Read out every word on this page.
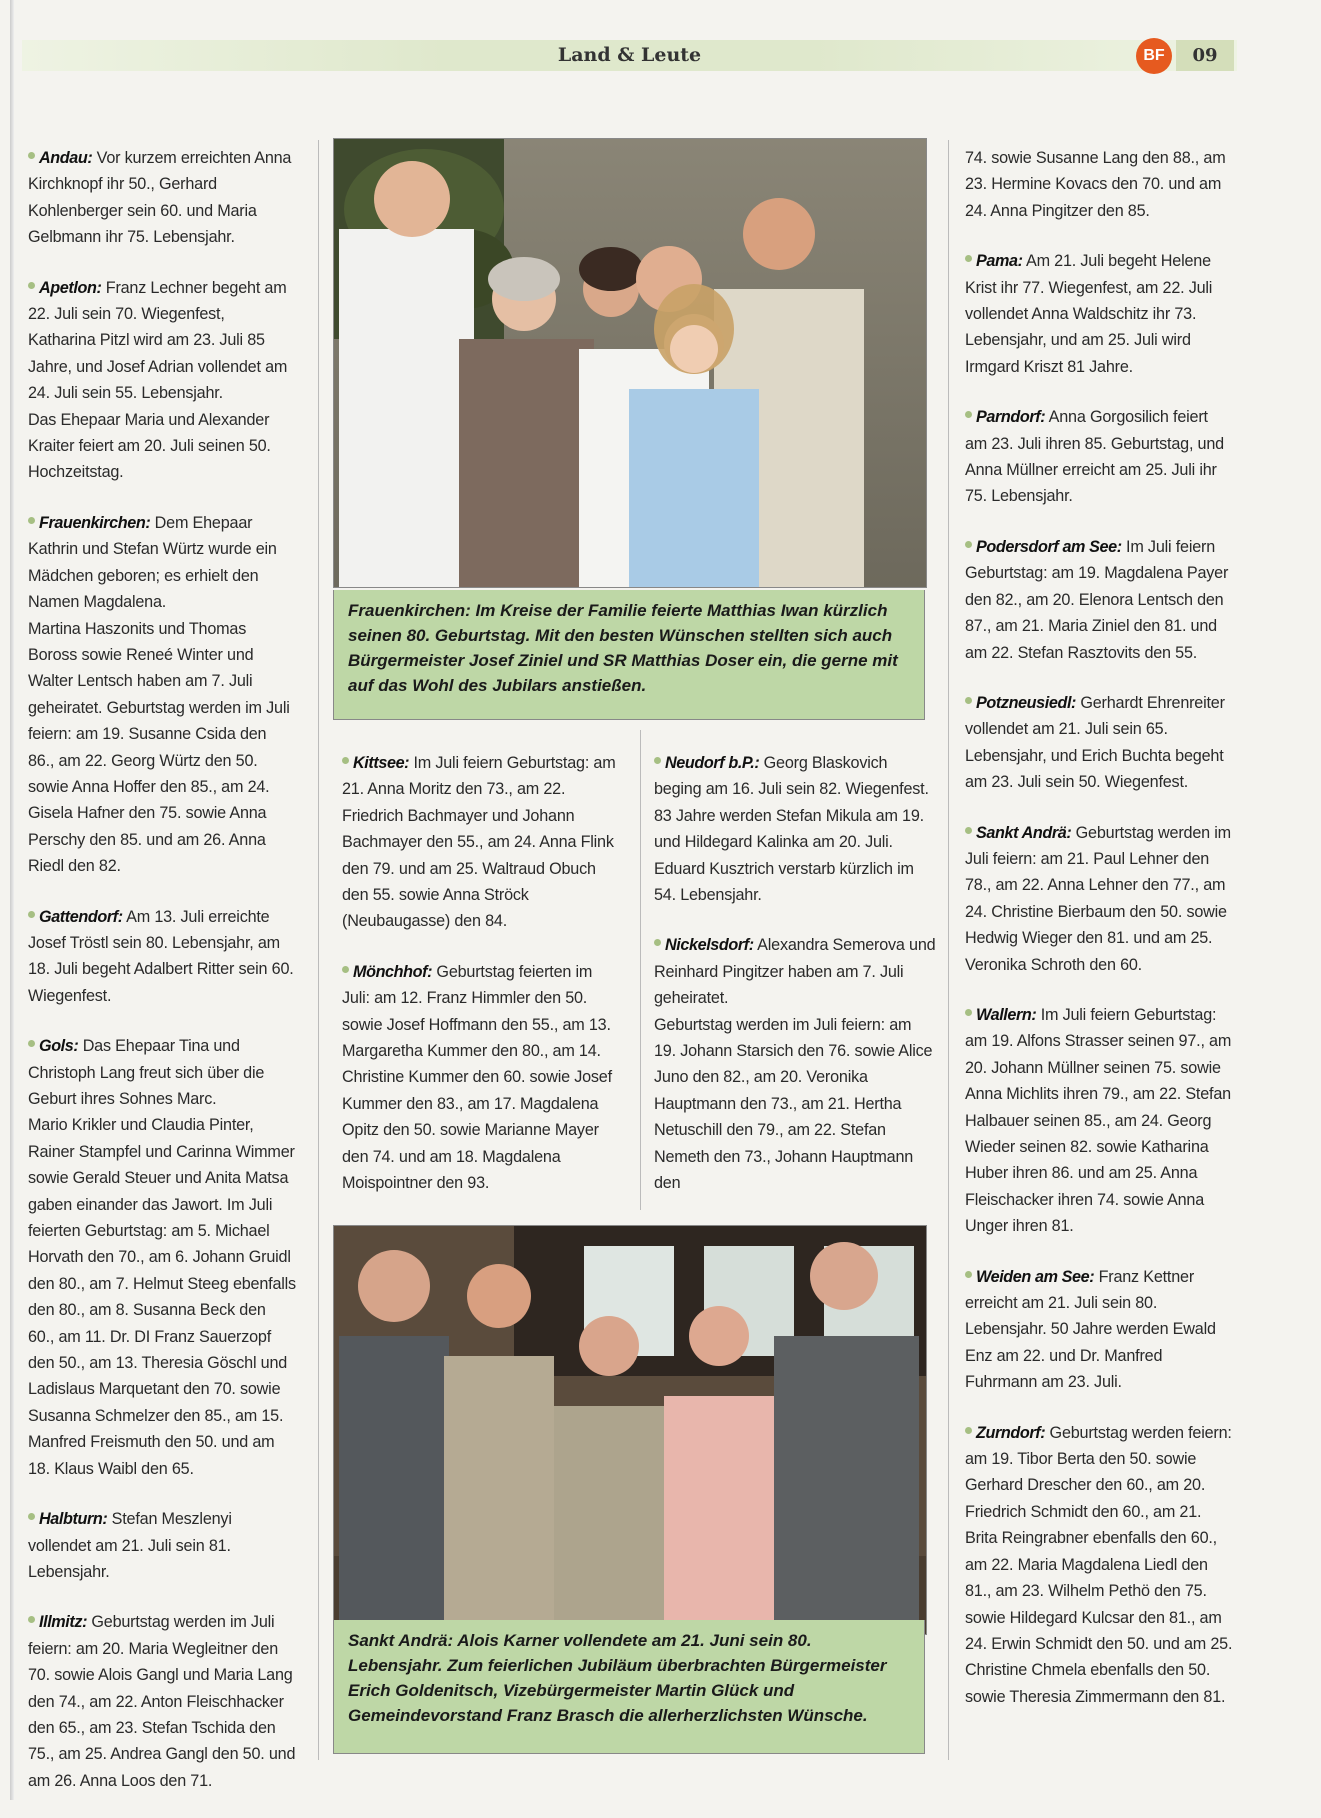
Land & Leute	BF	09

Andau: Vor kurzem erreichten Anna Kirchknopf ihr 50., Gerhard Kohlenberger sein 60. und Maria Gelbmann ihr 75. Lebensjahr.

Apetlon: Franz Lechner begeht am 22. Juli sein 70. Wiegenfest, Katharina Pitzl wird am 23. Juli 85 Jahre, und Josef Adrian vollendet am 24. Juli sein 55. Lebensjahr.

Das Ehepaar Maria und Alexander Kraiter feiert am 20. Juli seinen 50. Hochzeitstag.

Frauenkirchen: Dem Ehepaar Kathrin und Stefan Würtz wurde ein Mädchen geboren; es erhielt den Namen Magdalena.

Martina Haszonits und Thomas Boross sowie Reneé Winter und Walter Lentsch haben am 7. Juli geheiratet. Geburtstag werden im Juli feiern: am 19. Susanne Csida den 86., am 22. Georg Würtz den 50. sowie Anna Hoffer den 85., am 24. Gisela Hafner den 75. sowie Anna Perschy den 85. und am 26. Anna Riedl den 82.

Gattendorf: Am 13. Juli erreichte Josef Tröstl sein 80. Lebensjahr, am 18. Juli begeht Adalbert Ritter sein 60. Wiegenfest.

Gols: Das Ehepaar Tina und Christoph Lang freut sich über die Geburt ihres Sohnes Marc.

Mario Krikler und Claudia Pinter, Rainer Stampfel und Carinna Wimmer sowie Gerald Steuer und Anita Matsa gaben einander das Jawort. Im Juli feierten Geburtstag: am 5. Michael Horvath den 70., am 6. Johann Gruidl den 80., am 7. Helmut Steeg ebenfalls den 80., am 8. Susanna Beck den 60., am 11. Dr. DI Franz Sauerzopf den 50., am 13. Theresia Göschl und Ladislaus Marquetant den 70. sowie Susanna Schmelzer den 85., am 15. Manfred Freismuth den 50. und am 18. Klaus Waibl den 65.

Halbturn: Stefan Meszlenyi vollendet am 21. Juli sein 81. Lebensjahr.

Illmitz: Geburtstag werden im Juli feiern: am 20. Maria Wegleitner den 70. sowie Alois Gangl und Maria Lang den 74., am 22. Anton Fleischhacker den 65., am 23. Stefan Tschida den 75., am 25. Andrea Gangl den 50. und am 26. Anna Loos den 71.

Kittsee: Im Juli feiern Geburtstag: am 21. Anna Moritz den 73., am 22. Friedrich Bachmayer und Johann Bachmayer den 55., am 24. Anna Flink den 79. und am 25. Waltraud Obuch den 55. sowie Anna Ströck (Neubaugasse) den 84.

Mönchhof: Geburtstag feierten im Juli: am 12. Franz Himmler den 50. sowie Josef Hoffmann den 55., am 13. Margaretha Kummer den 80., am 14. Christine Kummer den 60. sowie Josef Kummer den 83., am 17. Magdalena Opitz den 50. sowie Marianne Mayer den 74. und am 18. Magdalena Moispointner den 93.

Neudorf b.P.: Georg Blaskovich beging am 16. Juli sein 82. Wiegenfest.

83 Jahre werden Stefan Mikula am 19. und Hildegard Kalinka am 20. Juli. Eduard Kusztrich verstarb kürzlich im 54. Lebensjahr.

Nickelsdorf: Alexandra Semerova und Reinhard Pingitzer haben am 7. Juli geheiratet.

Geburtstag werden im Juli feiern: am 19. Johann Starsich den 76. sowie Alice Juno den 82., am 20. Veronika Hauptmann den 73., am 21. Hertha Netuschill den 79., am 22. Stefan Nemeth den 73., Johann Hauptmann den

74. sowie Susanne Lang den 88., am 23. Hermine Kovacs den 70. und am 24. Anna Pingitzer den 85.

Pama: Am 21. Juli begeht Helene Krist ihr 77. Wiegenfest, am 22. Juli vollendet Anna Waldschitz ihr 73. Lebensjahr, und am 25. Juli wird Irmgard Kriszt 81 Jahre.

Parndorf: Anna Gorgosilich feiert am 23. Juli ihren 85. Geburtstag, und Anna Müllner erreicht am 25. Juli ihr 75. Lebensjahr.

Podersdorf am See: Im Juli feiern Geburtstag: am 19. Magdalena Payer den 82., am 20. Elenora Lentsch den 87., am 21. Maria Ziniel den 81. und am 22. Stefan Rasztovits den 55.

Potzneusiedl: Gerhardt Ehrenreiter vollendet am 21. Juli sein 65. Lebensjahr, und Erich Buchta begeht am 23. Juli sein 50. Wiegenfest.

Sankt Andrä: Geburtstag werden im Juli feiern: am 21. Paul Lehner den 78., am 22. Anna Lehner den 77., am 24. Christine Bierbaum den 50. sowie Hedwig Wieger den 81. und am 25. Veronika Schroth den 60.

Wallern: Im Juli feiern Geburtstag: am 19. Alfons Strasser seinen 97., am 20. Johann Müllner seinen 75. sowie Anna Michlits ihren 79., am 22. Stefan Halbauer seinen 85., am 24. Georg Wieder seinen 82. sowie Katharina Huber ihren 86. und am 25. Anna Fleischacker ihren 74. sowie Anna Unger ihren 81.

Weiden am See: Franz Kettner erreicht am 21. Juli sein 80. Lebensjahr. 50 Jahre werden Ewald Enz am 22. und Dr. Manfred Fuhrmann am 23. Juli.

Zurndorf: Geburtstag werden feiern: am 19. Tibor Berta den 50. sowie Gerhard Drescher den 60., am 20. Friedrich Schmidt den 60., am 21. Brita Reingrabner ebenfalls den 60., am 22. Maria Magdalena Liedl den 81., am 23. Wilhelm Pethö den 75. sowie Hildegard Kulcsar den 81., am 24. Erwin Schmidt den 50. und am 25. Christine Chmela ebenfalls den 50. sowie Theresia Zimmermann den 81.

Frauenkirchen: Im Kreise der Familie feierte Matthias Iwan kürzlich seinen 80. Geburtstag. Mit den besten Wünschen stellten sich auch Bürgermeister Josef Ziniel und SR Matthias Doser ein, die gerne mit auf das Wohl des Jubilars anstießen.
Sankt Andrä: Alois Karner vollendete am 21. Juni sein 80. Lebensjahr. Zum feierlichen Jubiläum überbrachten Bürgermeister Erich Goldenitsch, Vizebürgermeister Martin Glück und Gemeindevorstand Franz Brasch die allerherzlichsten Wünsche.
